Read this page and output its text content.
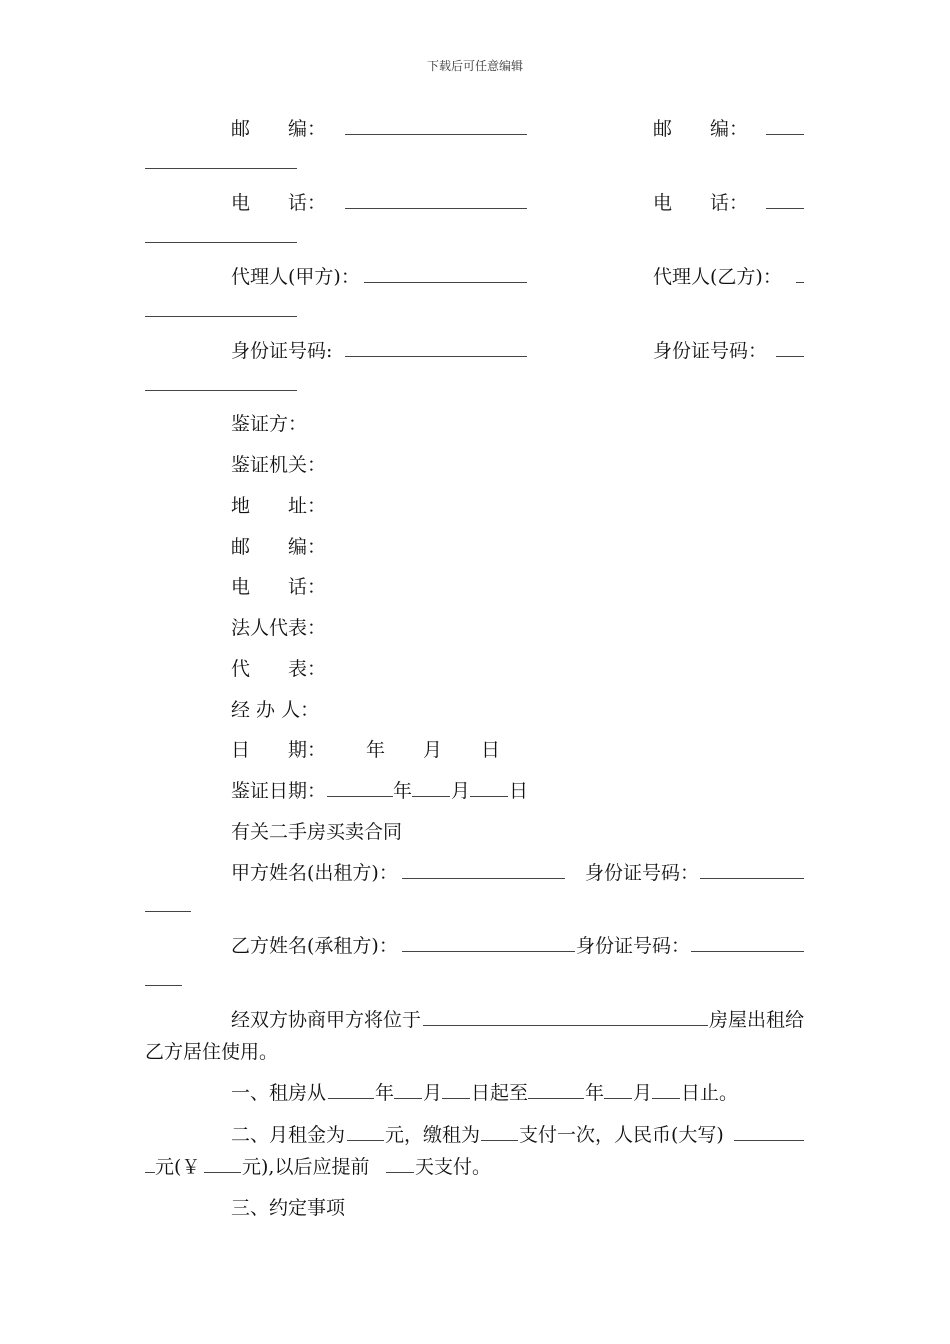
下载后可任意编辑
邮　　编：	邮　　编：
电　　话：	电　　话：
代理人(甲方)：	代理人(乙方)：
身份证号码:	身份证号码：
鉴证方：
鉴证机关：
地　　址：
邮　　编：
电　　话：
法人代表：
代　　表：
经 办 人：
日　　期： 年 月 日
鉴证日期：	年 月 日
有关二手房买卖合同
甲方姓名(出租方)：	身份证号码：
乙方姓名(承租方)：	身份证号码：
经双方协商甲方将位于	房屋出租给
乙方居住使用。
一、租房从	年 月 日起至	年 月 日止。
二、月租金为 元，缴租为 支付一次，人民币(大写)
元(￥ 元),以后应提前 天支付。
三、约定事项
